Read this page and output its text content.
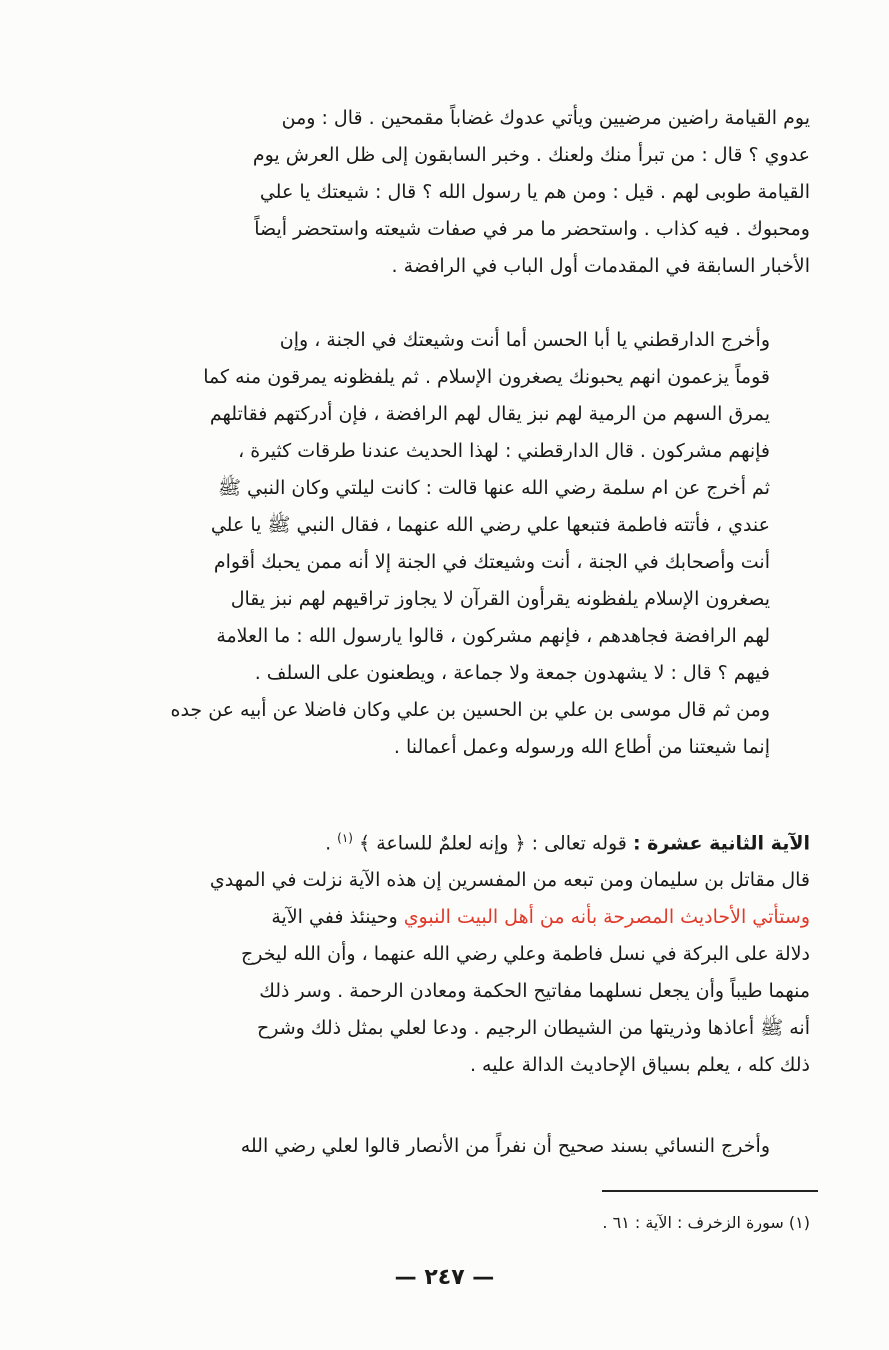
يوم القيامة راضين مرضيين ويأتي عدوك غضاباً مقمحين . قال : ومن
عدوي ؟ قال : من تبرأ منك ولعنك . وخبر السابقون إلى ظل العرش يوم
القيامة طوبى لهم . قيل : ومن هم يا رسول الله ؟ قال : شيعتك يا علي
ومحبوك . فيه كذاب . واستحضر ما مر في صفات شيعته واستحضر أيضاً
الأخبار السابقة في المقدمات أول الباب في الرافضة .
وأخرج الدارقطني يا أبا الحسن أما أنت وشيعتك في الجنة ، وإن
قوماً يزعمون انهم يحبونك يصغرون الإسلام . ثم يلفظونه يمرقون منه كما
يمرق السهم من الرمية لهم نبز يقال لهم الرافضة ، فإن أدركتهم فقاتلهم
فإنهم مشركون . قال الدارقطني : لهذا الحديث عندنا طرقات كثيرة ،
ثم أخرج عن ام سلمة رضي الله عنها قالت : كانت ليلتي وكان النبي ﷺ
عندي ، فأتته فاطمة فتبعها علي رضي الله عنهما ، فقال النبي ﷺ يا علي
أنت وأصحابك في الجنة ، أنت وشيعتك في الجنة إلا أنه ممن يحبك أقوام
يصغرون الإسلام يلفظونه يقرأون القرآن لا يجاوز تراقيهم لهم نبز يقال
لهم الرافضة فجاهدهم ، فإنهم مشركون ، قالوا يارسول الله : ما العلامة
فيهم ؟ قال : لا يشهدون جمعة ولا جماعة ، ويطعنون على السلف .
ومن ثم قال موسى بن علي بن الحسين بن علي وكان فاضلا عن أبيه عن جده
إنما شيعتنا من أطاع الله ورسوله وعمل أعمالنا .
الآية الثانية عشرة : قوله تعالى : ﴿ وإنه لعلمٌ للساعة ﴾ $^{(١)}$ .
قال مقاتل بن سليمان ومن تبعه من المفسرين إن هذه الآية نزلت في المهدي
وستأتي الأحاديث المصرحة بأنه من أهل البيت النبوي وحينئذ ففي الآية
دلالة على البركة في نسل فاطمة وعلي رضي الله عنهما ، وأن الله ليخرج
منهما طيباً وأن يجعل نسلهما مفاتيح الحكمة ومعادن الرحمة . وسر ذلك
أنه ﷺ أعاذها وذريتها من الشيطان الرجيم . ودعا لعلي بمثل ذلك وشرح
ذلك كله ، يعلم بسياق الإحاديث الدالة عليه .
وأخرج النسائي بسند صحيح أن نفراً من الأنصار قالوا لعلي رضي الله
(١) سورة الزخرف : الآية : ٦١ .
— ٢٤٧ —
